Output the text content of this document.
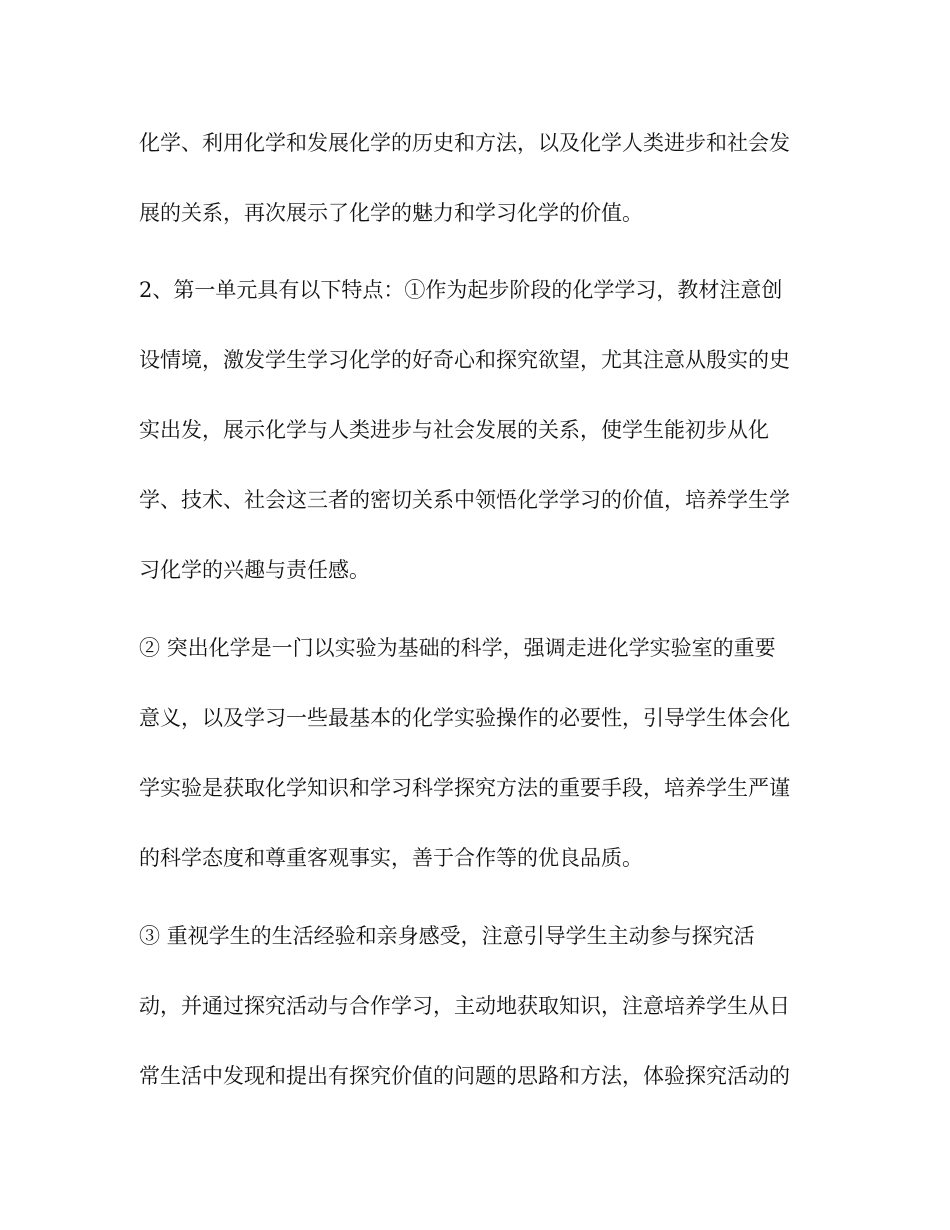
化学、利用化学和发展化学的历史和方法，以及化学人类进步和社会发

展的关系，再次展示了化学的魅力和学习化学的价值。

2、第一单元具有以下特点：①作为起步阶段的化学学习，教材注意创

设情境，激发学生学习化学的好奇心和探究欲望，尤其注意从殷实的史

实出发，展示化学与人类进步与社会发展的关系，使学生能初步从化

学、技术、社会这三者的密切关系中领悟化学学习的价值，培养学生学

习化学的兴趣与责任感。

② 突出化学是一门以实验为基础的科学，强调走进化学实验室的重要

意义，以及学习一些最基本的化学实验操作的必要性，引导学生体会化

学实验是获取化学知识和学习科学探究方法的重要手段，培养学生严谨

的科学态度和尊重客观事实，善于合作等的优良品质。

③ 重视学生的生活经验和亲身感受，注意引导学生主动参与探究活

动，并通过探究活动与合作学习，主动地获取知识，注意培养学生从日

常生活中发现和提出有探究价值的问题的思路和方法，体验探究活动的
